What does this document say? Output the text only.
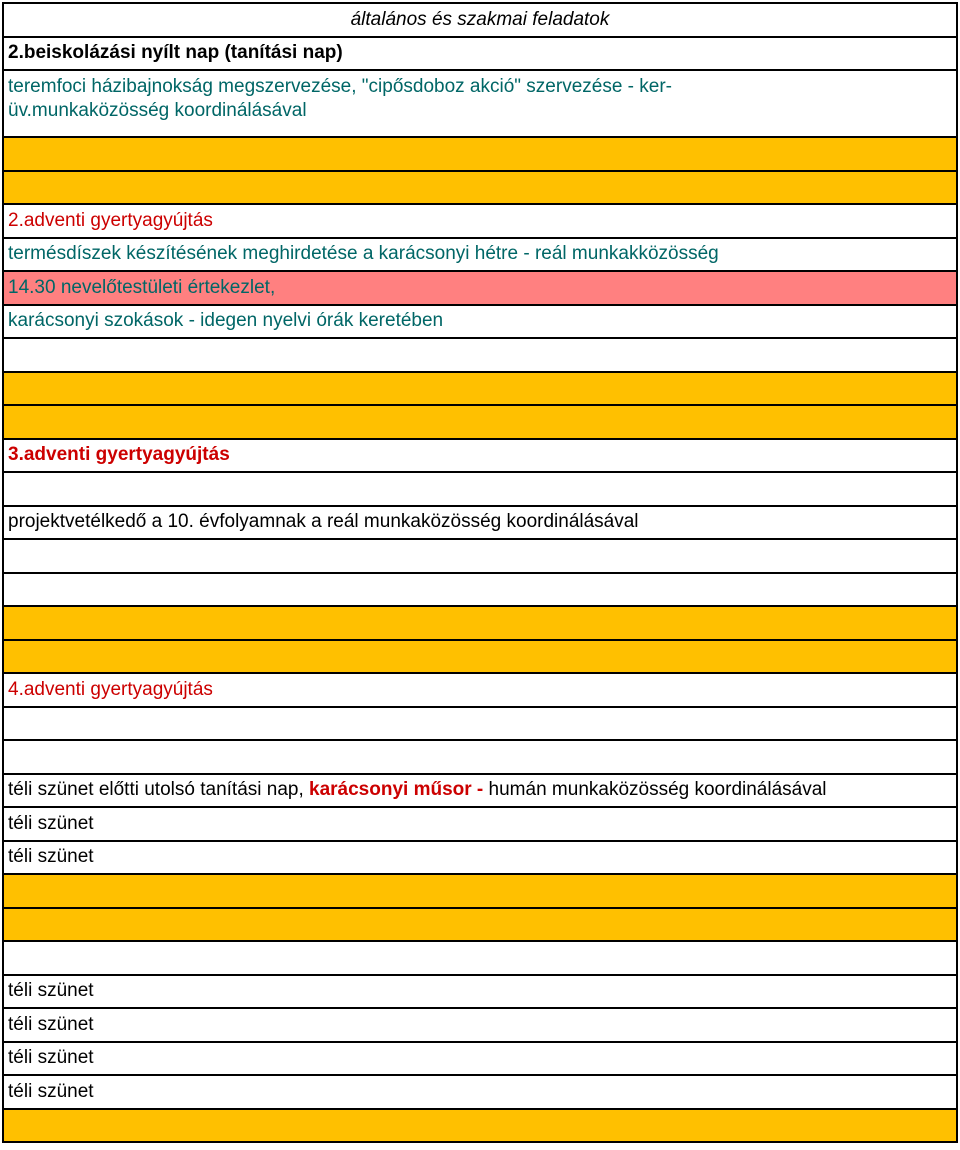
általános és szakmai feladatok
2.beiskolázási nyílt nap (tanítási nap)
teremfoci házibajnokság megszervezése, "cipősdoboz akció" szervezése - ker-
üv.munkaközösség koordinálásával
2.adventi gyertyagyújtás
termésdíszek készítésének meghirdetése a karácsonyi hétre - reál munkakközösség
14.30 nevelőtestületi értekezlet,
karácsonyi szokások - idegen nyelvi órák keretében
3.adventi gyertyagyújtás
projektvetélkedő a 10. évfolyamnak a reál munkaközösség koordinálásával
4.adventi gyertyagyújtás
téli szünet előtti utolsó tanítási nap,
karácsonyi műsor -
humán munkaközösség koordinálásával
téli szünet
téli szünet
téli szünet
téli szünet
téli szünet
téli szünet
